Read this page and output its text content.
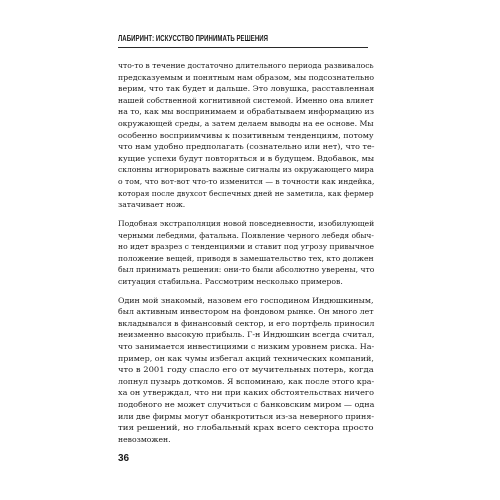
ЛАБИРИНТ: ИСКУССТВО ПРИНИМАТЬ РЕШЕНИЯ
что-то в течение достаточно длительного периода развивалось
предсказуемым и понятным нам образом, мы подсознательно
верим, что так будет и дальше. Это ловушка, расставленная
нашей собственной когнитивной системой. Именно она влияет
на то, как мы воспринимаем и обрабатываем информацию из
окружающей среды, а затем делаем выводы на ее основе. Мы
особенно восприимчивы к позитивным тенденциям, потому
что нам удобно предполагать (сознательно или нет), что те-
кущие успехи будут повторяться и в будущем. Вдобавок, мы
склонны игнорировать важные сигналы из окружающего мира
о том, что вот-вот что-то изменится — в точности как индейка,
которая после двухсот беспечных дней не заметила, как фермер
затачивает нож.
Подобная экстраполяция новой повседневности, изобилующей
черными лебедями, фатальна. Появление черного лебедя обыч-
но идет вразрез с тенденциями и ставит под угрозу привычное
положение вещей, приводя в замешательство тех, кто должен
был принимать решения: они-то были абсолютно уверены, что
ситуация стабильна. Рассмотрим несколько примеров.
Один мой знакомый, назовем его господином Индюшкиным,
был активным инвестором на фондовом рынке. Он много лет
вкладывался в финансовый сектор, и его портфель приносил
неизменно высокую прибыль. Г-н Индюшкин всегда считал,
что занимается инвестициями с низким уровнем риска. На-
пример, он как чумы избегал акций технических компаний,
что в 2001 году спасло его от мучительных потерь, когда
лопнул пузырь доткомов. Я вспоминаю, как после этого кра-
ха он утверждал, что ни при каких обстоятельствах ничего
подобного не может случиться с банковским миром — одна
или две фирмы могут обанкротиться из-за неверного приня-
тия решений, но глобальный крах всего сектора просто
невозможен.
36
